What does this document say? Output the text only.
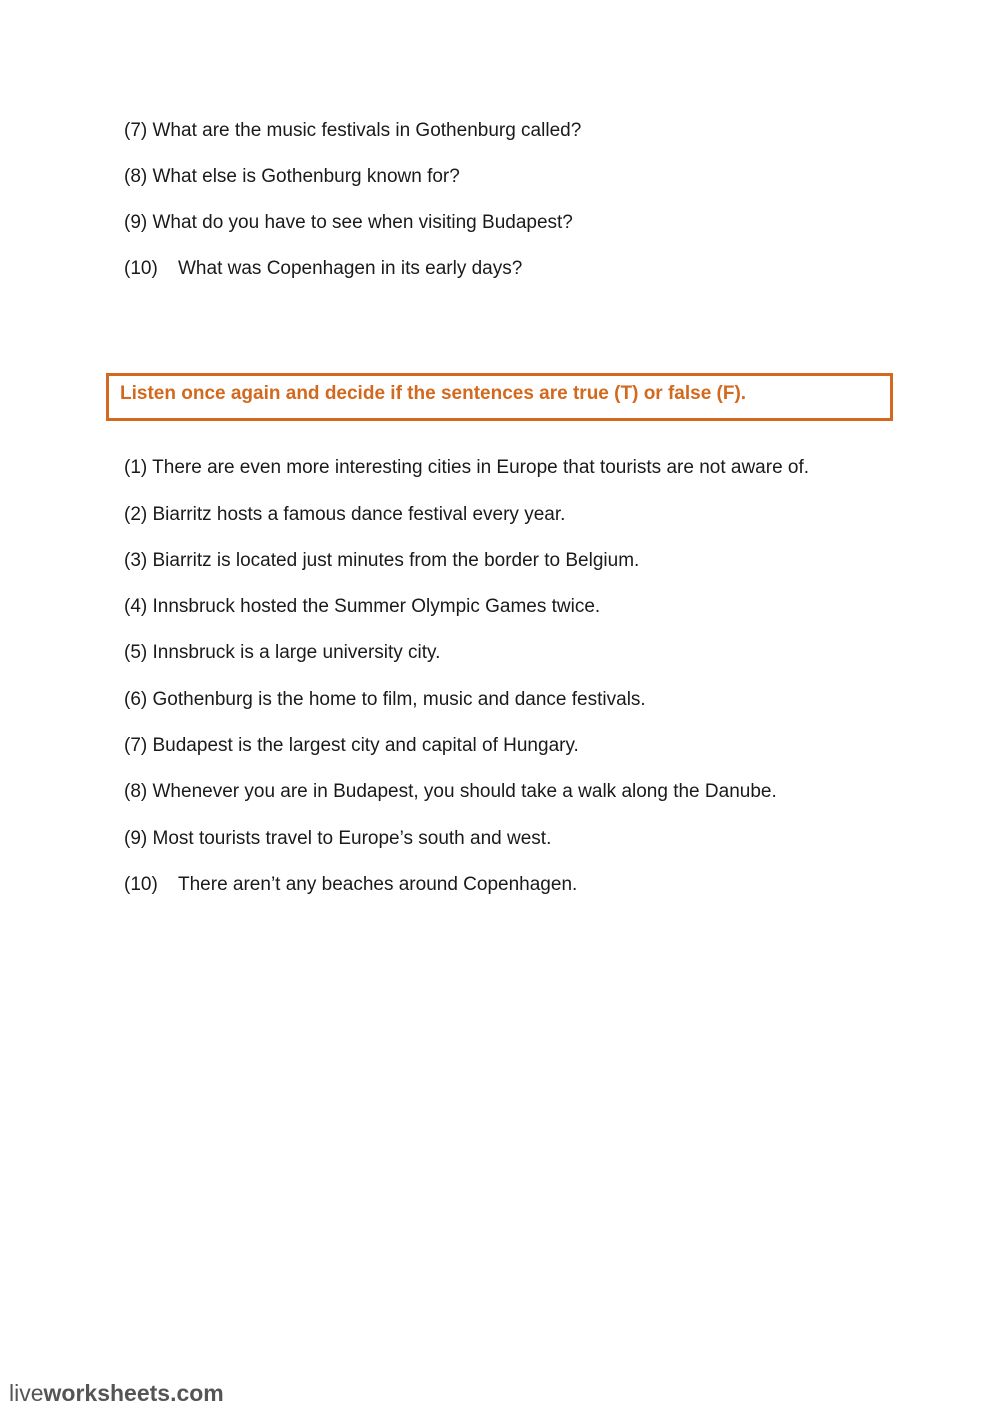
(7) What are the music festivals in Gothenburg called?
(8) What else is Gothenburg known for?
(9) What do you have to see when visiting Budapest?
(10) What was Copenhagen in its early days?
Listen once again and decide if the sentences are true (T) or false (F).
(1) There are even more interesting cities in Europe that tourists are not aware of.
(2) Biarritz hosts a famous dance festival every year.
(3) Biarritz is located just minutes from the border to Belgium.
(4) Innsbruck hosted the Summer Olympic Games twice.
(5) Innsbruck is a large university city.
(6) Gothenburg is the home to film, music and dance festivals.
(7) Budapest is the largest city and capital of Hungary.
(8) Whenever you are in Budapest, you should take a walk along the Danube.
(9) Most tourists travel to Europe’s south and west.
(10) There aren’t any beaches around Copenhagen.
liveworksheets.com
